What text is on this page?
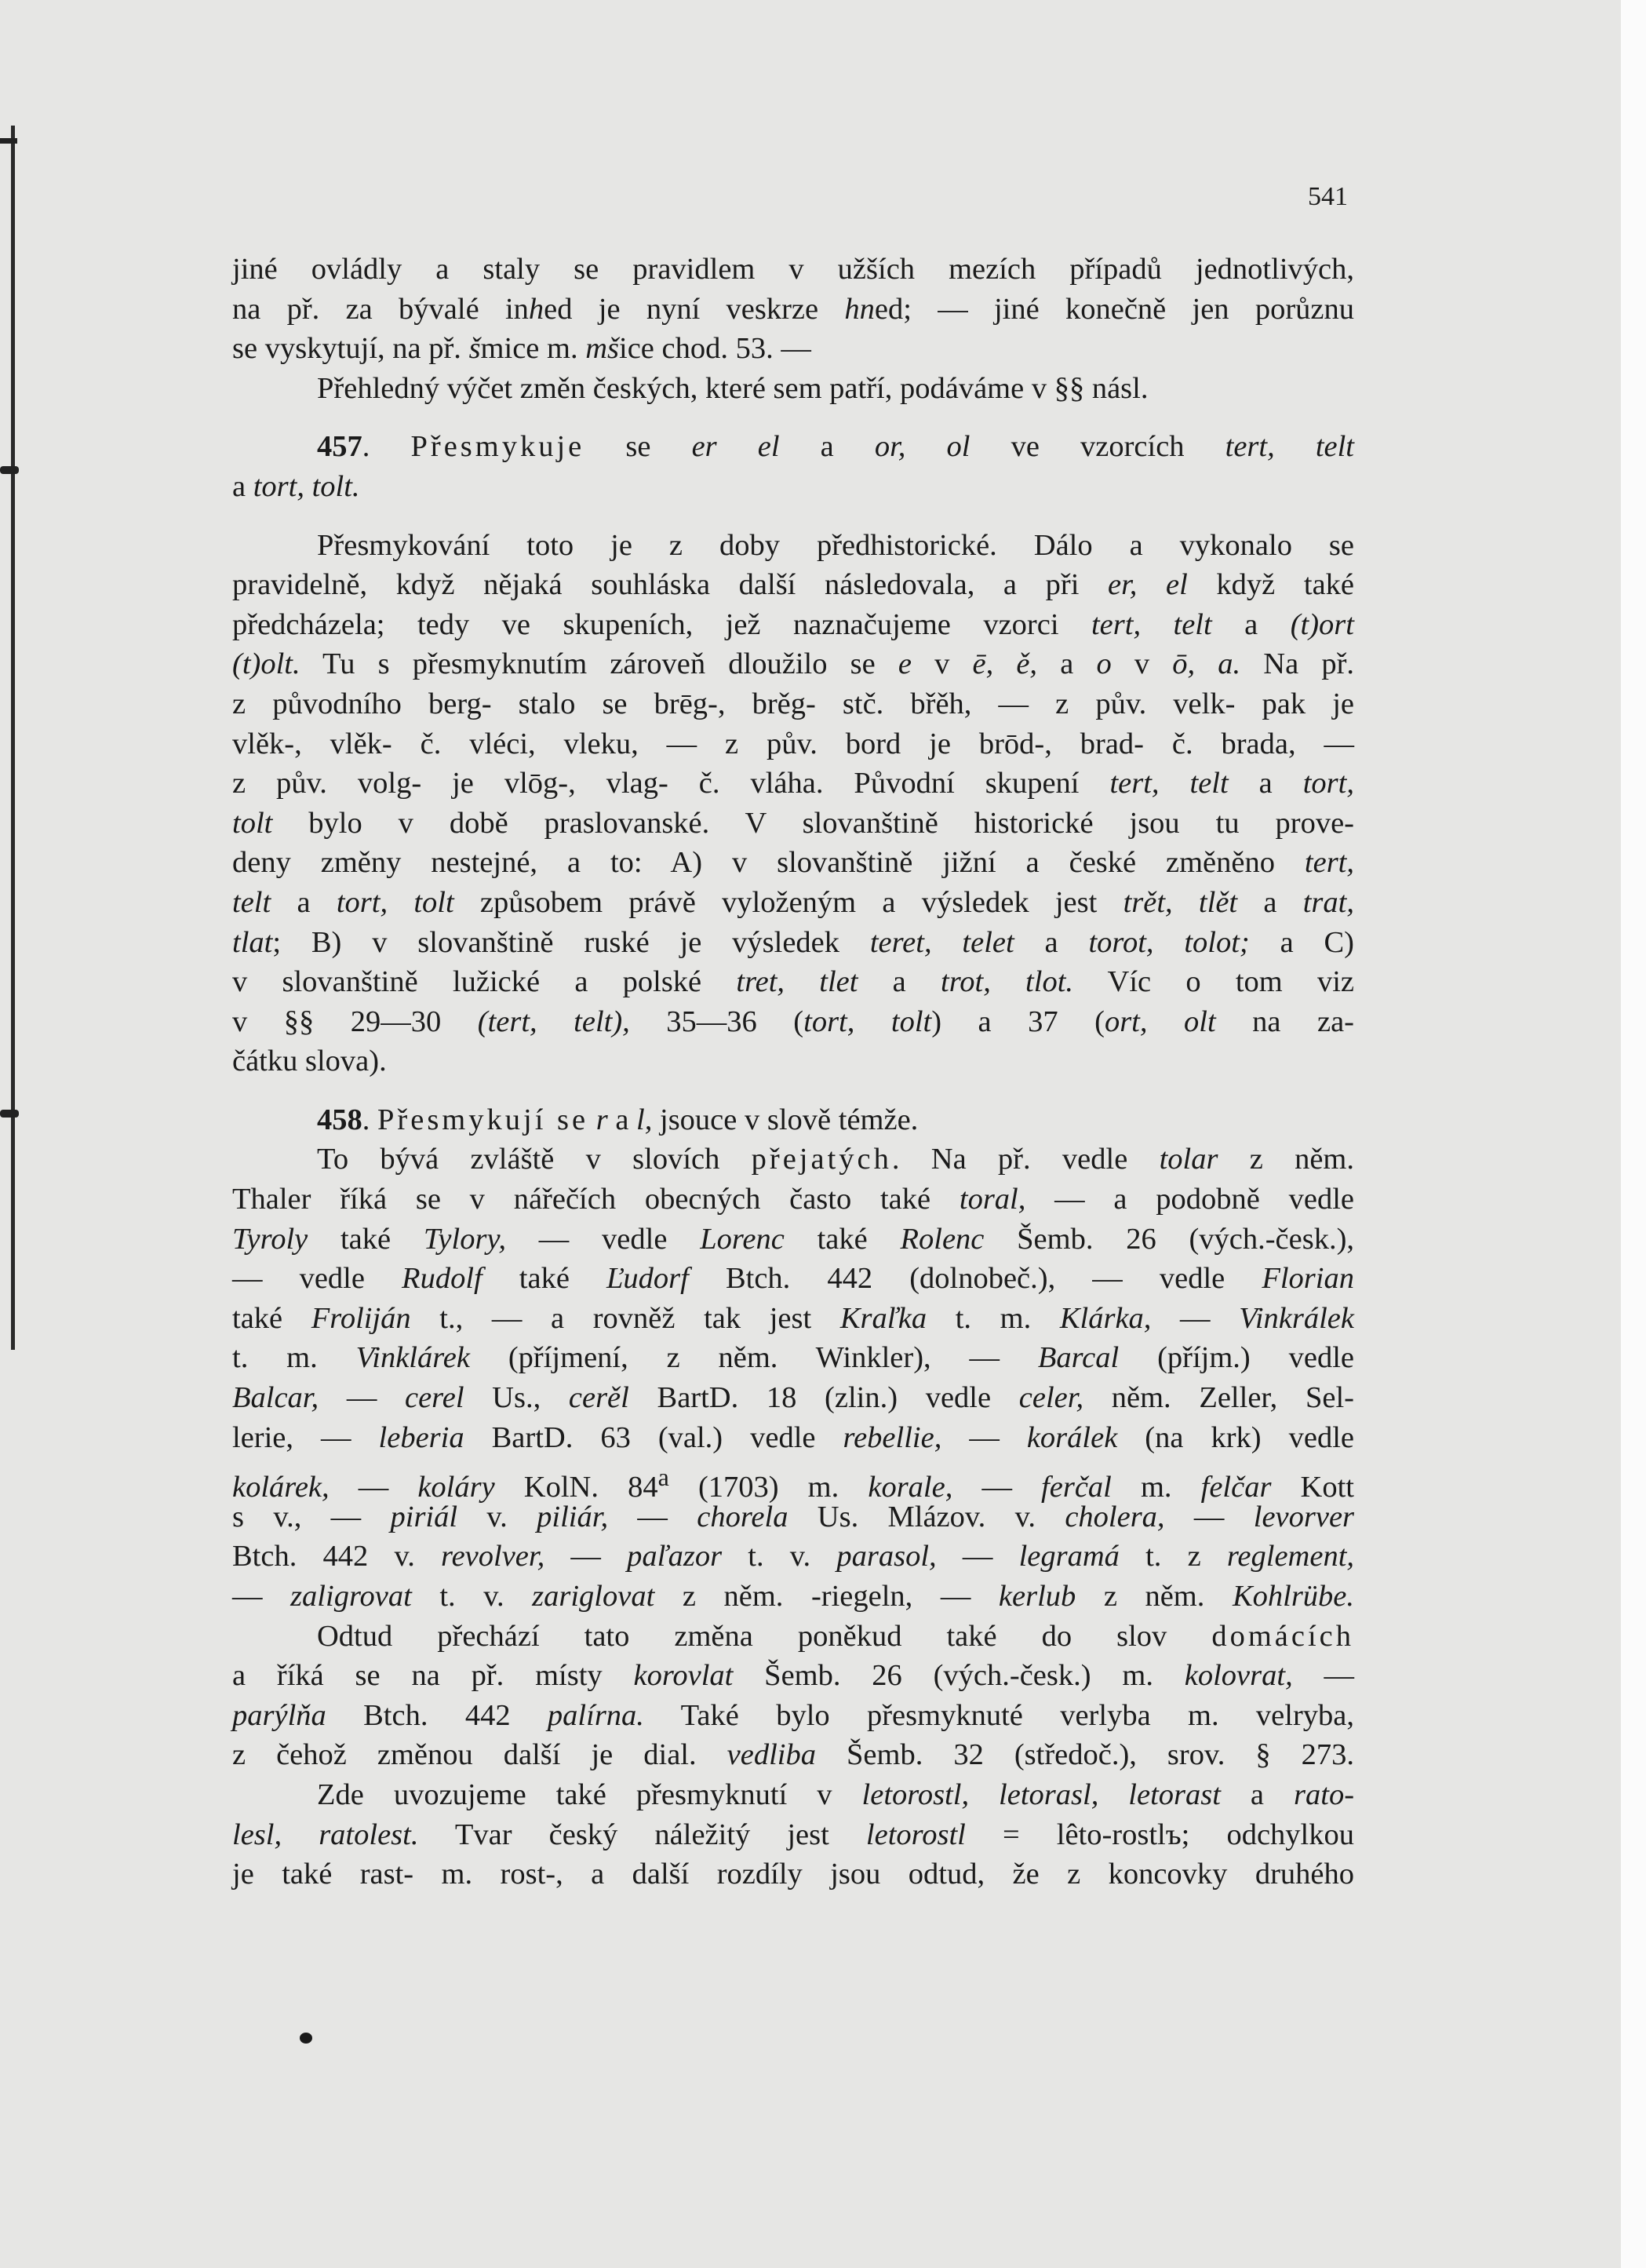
541
jiné ovládly a staly se pravidlem v užších mezích případů jednotlivých,
na př. za bývalé inhed je nyní veskrze hned; — jiné konečně jen porůznu
se vyskytují, na př. šmice m. mšice chod. 53. —
Přehledný výčet změn českých, které sem patří, podáváme v §§ násl.
457. Přesmykuje se er el a or, ol ve vzorcích tert, telt
a tort, tolt.
Přesmykování toto je z doby předhistorické. Dálo a vykonalo se
pravidelně, když nějaká souhláska další následovala, a při er, el když také
předcházela; tedy ve skupeních, jež naznačujeme vzorci tert, telt a (t)ort
(t)olt. Tu s přesmyknutím zároveň dloužilo se e v ē, ě, a o v ō, a. Na př.
z původního berg- stalo se brēg-, brěg- stč. břěh, — z pův. velk- pak je
vlěk-, vlěk- č. vléci, vleku, — z pův. bord je brōd-, brad- č. brada, —
z pův. volg- je vlōg-, vlag- č. vláha. Původní skupení tert, telt a tort,
tolt bylo v době praslovanské. V slovanštině historické jsou tu prove-
deny změny nestejné, a to: A) v slovanštině jižní a české změněno tert,
telt a tort, tolt způsobem právě vyloženým a výsledek jest trět, tlět a trat,
tlat; B) v slovanštině ruské je výsledek teret, telet a torot, tolot; a C)
v slovanštině lužické a polské tret, tlet a trot, tlot. Víc o tom viz
v §§ 29—30 (tert, telt), 35—36 (tort, tolt) a 37 (ort, olt na za-
čátku slova).
458. Přesmykují se r a l, jsouce v slově témže.
To bývá zvláště v slovích přejatých. Na př. vedle tolar z něm.
Thaler říká se v nářečích obecných často také toral, — a podobně vedle
Tyroly také Tylory, — vedle Lorenc také Rolenc Šemb. 26 (vých.-česk.),
— vedle Rudolf také Ľudorf Btch. 442 (dolnobeč.), — vedle Florian
také Froliján t., — a rovněž tak jest Kraľka t. m. Klárka, — Vinkrálek
t. m. Vinklárek (příjmení, z něm. Winkler), — Barcal (příjm.) vedle
Balcar, — cerel Us., cerěl BartD. 18 (zlin.) vedle celer, něm. Zeller, Sel-
lerie, — leberia BartD. 63 (val.) vedle rebellie, — korálek (na krk) vedle
kolárek, — koláry KolN. 84$^a$ (1703) m. korale, — ferčal m. felčar Kott
s v., — piriál v. piliár, — chorela Us. Mlázov. v. cholera, — levorver
Btch. 442 v. revolver, — paľazor t. v. parasol, — legramá t. z reglement,
— zaligrovat t. v. zariglovat z něm. -riegeln, — kerlub z něm. Kohlrübe.
Odtud přechází tato změna poněkud také do slov domácích
a říká se na př. místy korovlat Šemb. 26 (vých.-česk.) m. kolovrat, —
parýlňa Btch. 442 palírna. Také bylo přesmyknuté verlyba m. velryba,
z čehož změnou další je dial. vedliba Šemb. 32 (středoč.), srov. § 273.
Zde uvozujeme také přesmyknutí v letorostl, letorasl, letorast a rato-
lesl, ratolest. Tvar český náležitý jest letorostl = lêto-rostlъ; odchylkou
je také rast- m. rost-, a další rozdíly jsou odtud, že z koncovky druhého
